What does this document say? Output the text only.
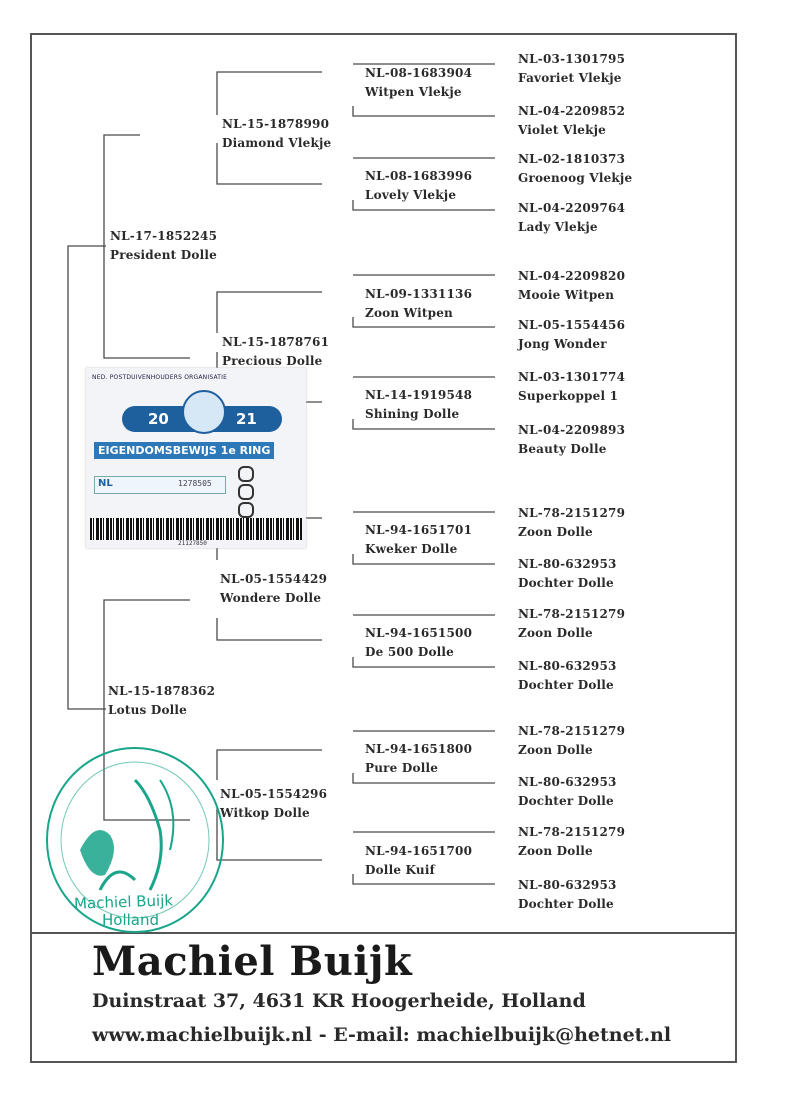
NL-17-1852245
President Dolle
NL-15-1878362
Lotus Dolle
NL-15-1878990
Diamond Vlekje
NL-15-1878761
Precious Dolle
NL-05-1554429
Wondere Dolle
NL-05-1554296
Witkop Dolle
NL-08-1683904
Witpen Vlekje
NL-08-1683996
Lovely Vlekje
NL-09-1331136
Zoon Witpen
NL-14-1919548
Shining Dolle
NL-94-1651701
Kweker Dolle
NL-94-1651500
De 500 Dolle
NL-94-1651800
Pure Dolle
NL-94-1651700
Dolle Kuif
NL-03-1301795
Favoriet Vlekje
NL-04-2209852
Violet Vlekje
NL-02-1810373
Groenoog Vlekje
NL-04-2209764
Lady Vlekje
NL-04-2209820
Mooie Witpen
NL-05-1554456
Jong Wonder
NL-03-1301774
Superkoppel 1
NL-04-2209893
Beauty Dolle
NL-78-2151279
Zoon Dolle
NL-80-632953
Dochter Dolle
NL-78-2151279
Zoon Dolle
NL-80-632953
Dochter Dolle
NL-78-2151279
Zoon Dolle
NL-80-632953
Dochter Dolle
NL-78-2151279
Zoon Dolle
NL-80-632953
Dochter Dolle
NED. POSTDUIVENHOUDERS ORGANISATIE
20	21
EIGENDOMSBEWIJS 1e RING
NL	1278505
21127850
Machiel Buijk
Holland
Machiel Buijk
Duinstraat 37, 4631 KR Hoogerheide, Holland
www.machielbuijk.nl - E-mail: machielbuijk@hetnet.nl
